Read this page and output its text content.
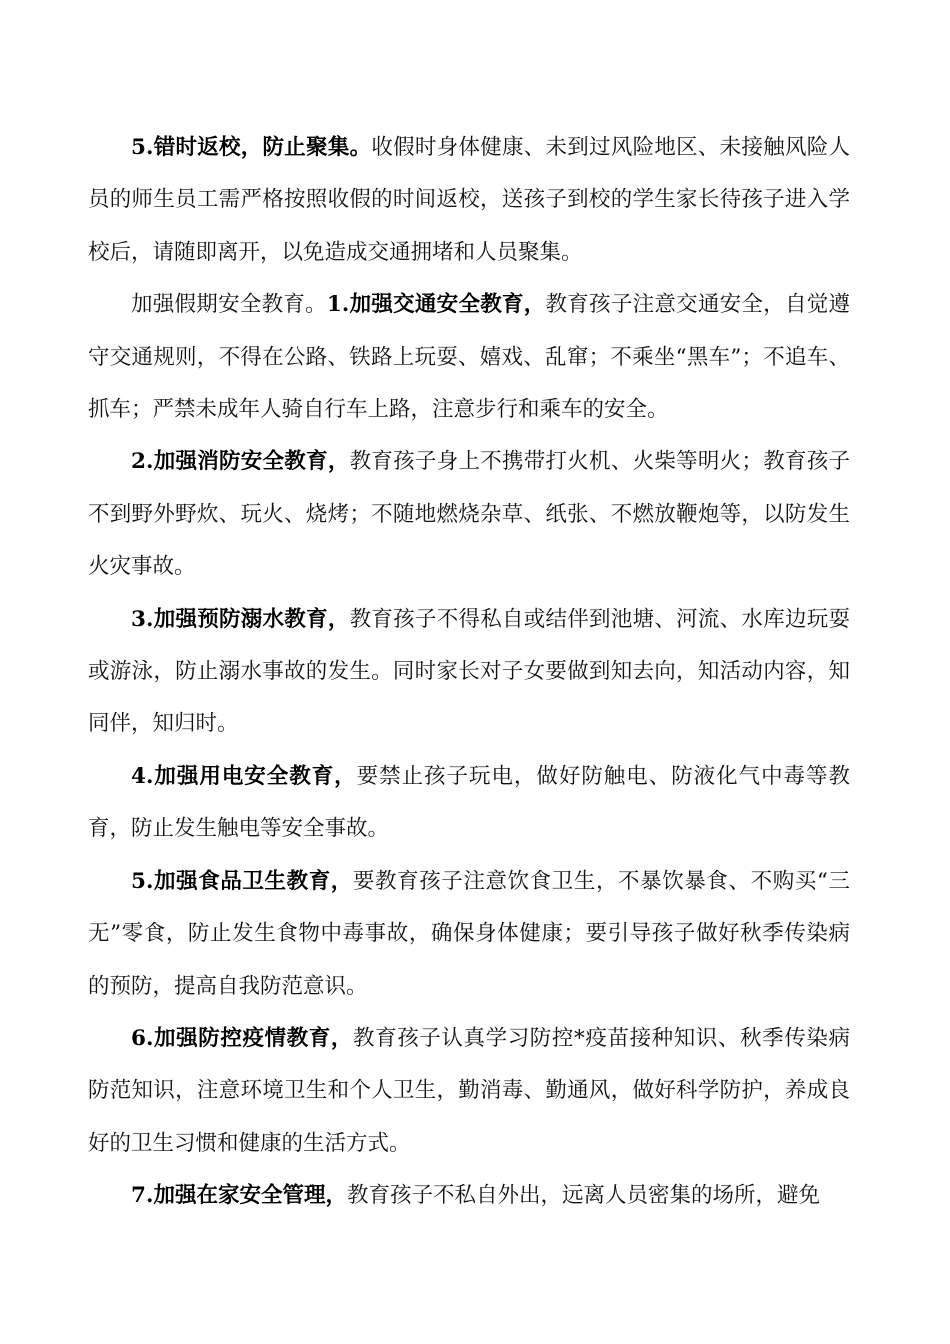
5.错时返校，防止聚集。收假时身体健康、未到过风险地区、未接触风险人员的师生员工需严格按照收假的时间返校，送孩子到校的学生家长待孩子进入学校后，请随即离开，以免造成交通拥堵和人员聚集。

加强假期安全教育。1.加强交通安全教育，教育孩子注意交通安全，自觉遵守交通规则，不得在公路、铁路上玩耍、嬉戏、乱窜；不乘坐“黑车”；不追车、抓车；严禁未成年人骑自行车上路，注意步行和乘车的安全。

2.加强消防安全教育，教育孩子身上不携带打火机、火柴等明火；教育孩子不到野外野炊、玩火、烧烤；不随地燃烧杂草、纸张、不燃放鞭炮等，以防发生火灾事故。

3.加强预防溺水教育，教育孩子不得私自或结伴到池塘、河流、水库边玩耍或游泳，防止溺水事故的发生。同时家长对子女要做到知去向，知活动内容，知同伴，知归时。

4.加强用电安全教育，要禁止孩子玩电，做好防触电、防液化气中毒等教育，防止发生触电等安全事故。

5.加强食品卫生教育，要教育孩子注意饮食卫生，不暴饮暴食、不购买“三无”零食，防止发生食物中毒事故，确保身体健康；要引导孩子做好秋季传染病的预防，提高自我防范意识。

6.加强防控疫情教育，教育孩子认真学习防控*疫苗接种知识、秋季传染病防范知识，注意环境卫生和个人卫生，勤消毒、勤通风，做好科学防护，养成良好的卫生习惯和健康的生活方式。

7.加强在家安全管理，教育孩子不私自外出，远离人员密集的场所，避免
